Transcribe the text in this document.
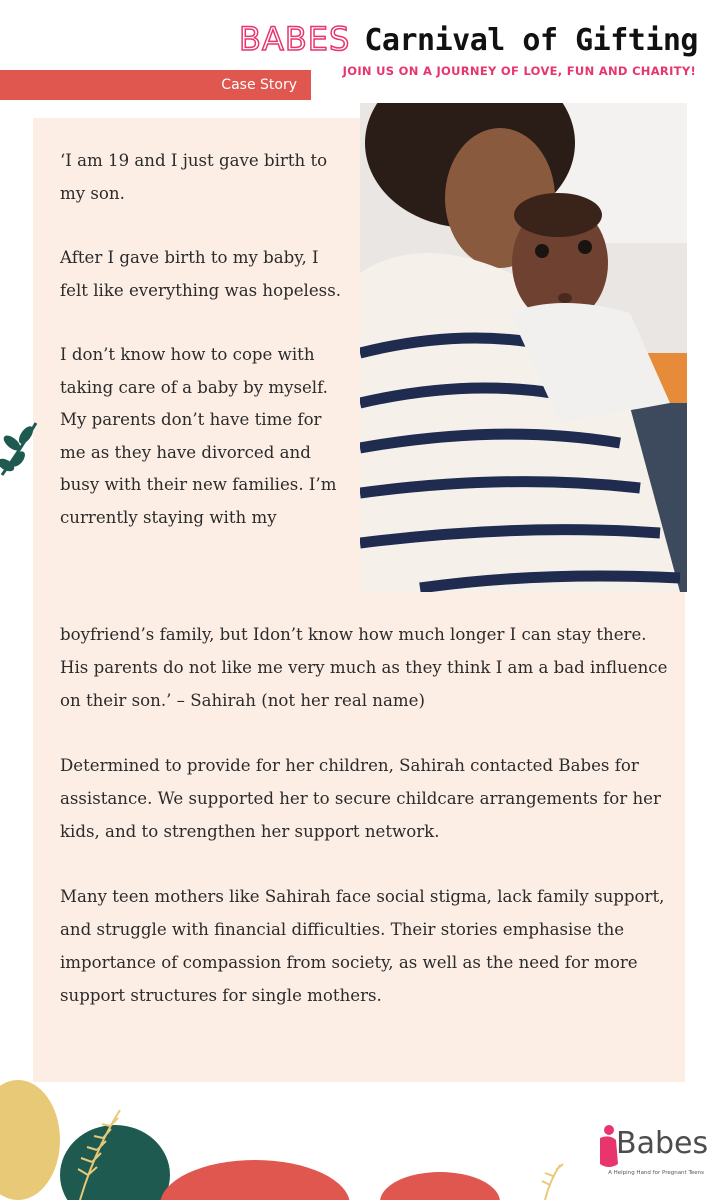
BABES Carnival of Gifting
JOIN US ON A JOURNEY OF LOVE, FUN AND CHARITY!
Case Story

‘I am 19 and I just gave birth to my son.

After I gave birth to my baby, I felt like everything was hopeless.

I don’t know how to cope with taking care of a baby by myself. My parents don’t have time for me as they have divorced and busy with their new families. I’m currently staying with my

boyfriend’s family, but Idon’t know how much longer I can stay there. His parents do not like me very much as they think I am a bad influence on their son.’ – Sahirah (not her real name)

Determined to provide for her children, Sahirah contacted Babes for assistance. We supported her to secure childcare arrangements for her kids, and to strengthen her support network.

Many teen mothers like Sahirah face social stigma, lack family support, and struggle with financial difficulties. Their stories emphasise the importance of compassion from society, as well as the need for more support structures for single mothers.

Babes
A Helping Hand for Pregnant Teens
